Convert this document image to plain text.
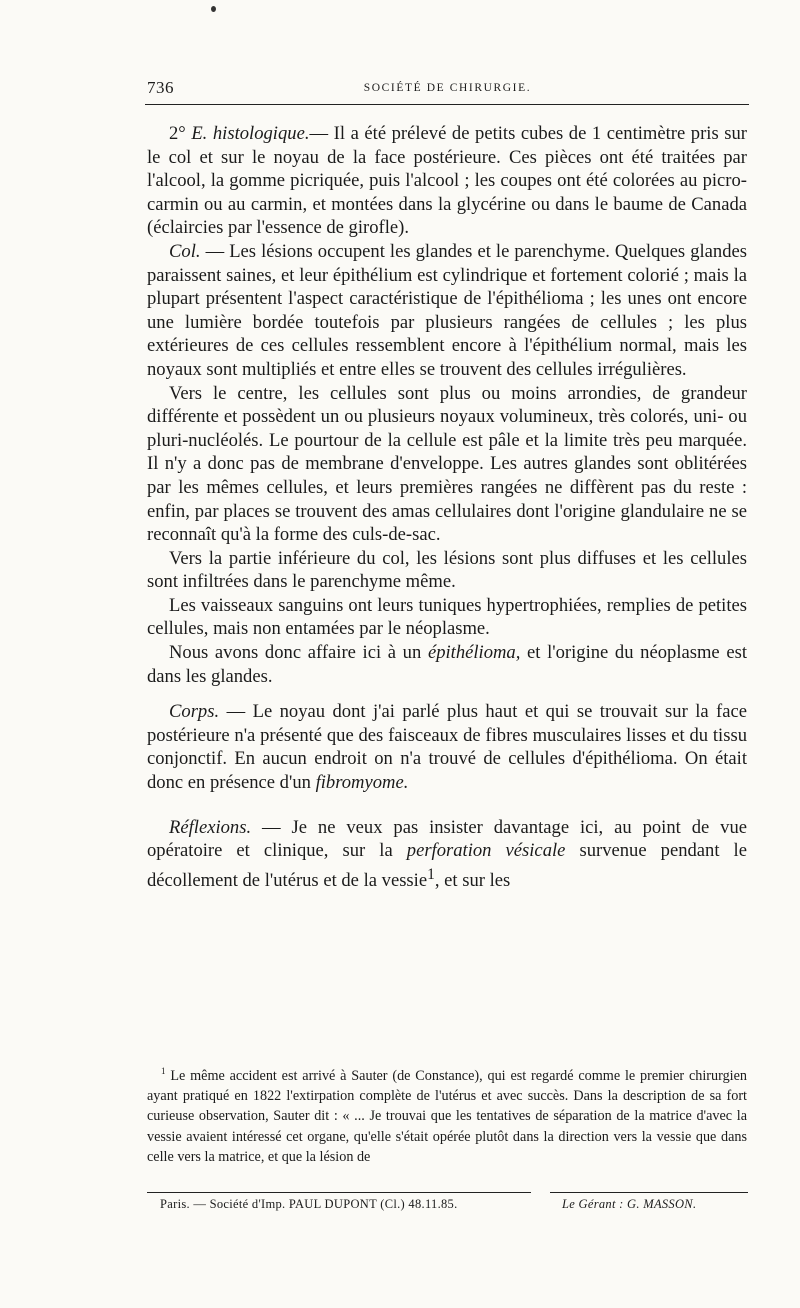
736	SOCIÉTÉ DE CHIRURGIE.

2° E. histologique.— Il a été prélevé de petits cubes de 1 centimètre pris sur le col et sur le noyau de la face postérieure. Ces pièces ont été traitées par l'alcool, la gomme picriquée, puis l'alcool ; les coupes ont été colorées au picro-carmin ou au carmin, et montées dans la glycérine ou dans le baume de Canada (éclaircies par l'essence de girofle).

Col. — Les lésions occupent les glandes et le parenchyme. Quelques glandes paraissent saines, et leur épithélium est cylindrique et fortement colorié ; mais la plupart présentent l'aspect caractéristique de l'épithélioma ; les unes ont encore une lumière bordée toutefois par plusieurs rangées de cellules ; les plus extérieures de ces cellules ressemblent encore à l'épithélium normal, mais les noyaux sont multipliés et entre elles se trouvent des cellules irrégulières.

Vers le centre, les cellules sont plus ou moins arrondies, de grandeur différente et possèdent un ou plusieurs noyaux volumineux, très colorés, uni- ou pluri-nucléolés. Le pourtour de la cellule est pâle et la limite très peu marquée. Il n'y a donc pas de membrane d'enveloppe. Les autres glandes sont oblitérées par les mêmes cellules, et leurs premières rangées ne diffèrent pas du reste : enfin, par places se trouvent des amas cellulaires dont l'origine glandulaire ne se reconnaît qu'à la forme des culs-de-sac.

Vers la partie inférieure du col, les lésions sont plus diffuses et les cellules sont infiltrées dans le parenchyme même.

Les vaisseaux sanguins ont leurs tuniques hypertrophiées, remplies de petites cellules, mais non entamées par le néoplasme.

Nous avons donc affaire ici à un épithélioma, et l'origine du néoplasme est dans les glandes.

Corps. — Le noyau dont j'ai parlé plus haut et qui se trouvait sur la face postérieure n'a présenté que des faisceaux de fibres musculaires lisses et du tissu conjonctif. En aucun endroit on n'a trouvé de cellules d'épithélioma. On était donc en présence d'un fibromyome.

Réflexions. — Je ne veux pas insister davantage ici, au point de vue opératoire et clinique, sur la perforation vésicale survenue pendant le décollement de l'utérus et de la vessie$^1$, et sur les

$^1$ Le même accident est arrivé à Sauter (de Constance), qui est regardé comme le premier chirurgien ayant pratiqué en 1822 l'extirpation complète de l'utérus et avec succès. Dans la description de sa fort curieuse observation, Sauter dit : « ... Je trouvai que les tentatives de séparation de la matrice d'avec la vessie avaient intéressé cet organe, qu'elle s'était opérée plutôt dans la direction vers la vessie que dans celle vers la matrice, et que la lésion de

Paris. — Société d'Imp. PAUL DUPONT (Cl.) 48.11.85.	Le Gérant : G. MASSON.
